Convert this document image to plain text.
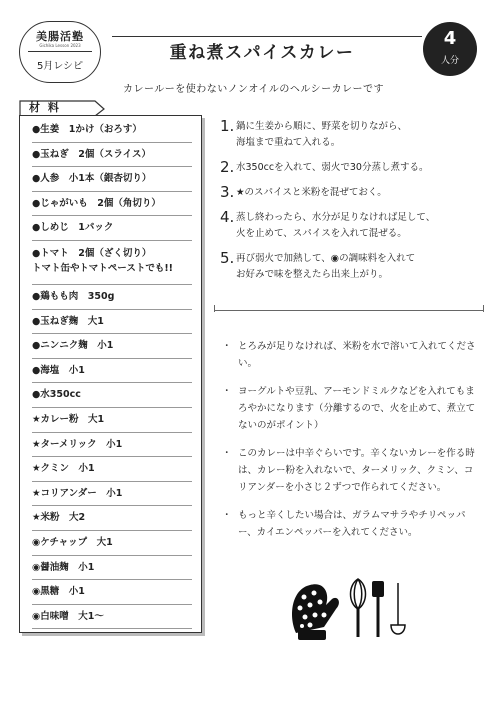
美腸活塾
Gichika Lesson 2023
5月レシピ
重ね煮スパイスカレー
4
人分
カレールーを使わないノンオイルのヘルシーカレーです
材 料
●生姜　1かけ（おろす）
●玉ねぎ　2個（スライス）
●人参　小1本（銀杏切り）
●じゃがいも　2個（角切り）
●しめじ　1パック
●トマト　2個（ざく切り）
トマト缶やトマトペーストでも!!
●鶏もも肉　350g
●玉ねぎ麹　大1
●ニンニク麹　小1
●海塩　小1
●水350cc
★カレー粉　大1
★ターメリック　小1
★クミン　小1
★コリアンダー　小1
★米粉　大2
◉ケチャップ　大1
◉醤油麹　小1
◉黒糖　小1
◉白味噌　大1〜
1. 鍋に生姜から順に、野菜を切りながら、
海塩まで重ねて入れる。
2. 水350ccを入れて、弱火で30分蒸し煮する。
3. ★のスパイスと米粉を混ぜておく。
4. 蒸し終わったら、水分が足りなければ足して、
火を止めて、スパイスを入れて混ぜる。
5. 再び弱火で加熱して、◉の調味料を入れて
お好みで味を整えたら出来上がり。
・ とろみが足りなければ、米粉を水で溶いて入れてください。
・ ヨーグルトや豆乳、アーモンドミルクなどを入れてもまろやかになります（分離するので、火を止めて、煮立てないのがポイント）
・ このカレーは中辛ぐらいです。辛くないカレーを作る時は、カレー粉を入れないで、ターメリック、クミン、コリアンダーを小さじ２ずつで作られてください。
・ もっと辛くしたい場合は、ガラムマサラやチリペッパー、カイエンペッパーを入れてください。
